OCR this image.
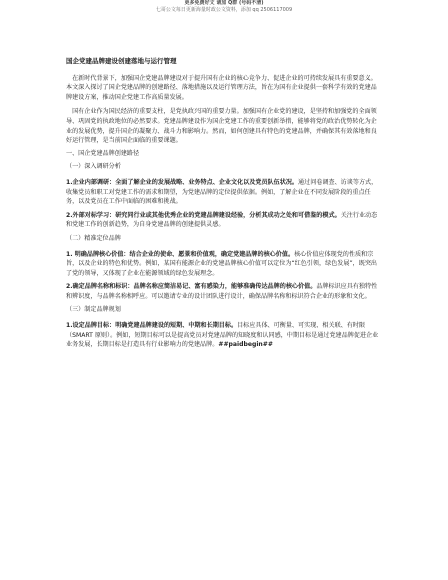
更多免费好文 请加 Q群 (号码不清)
七哥公文每日更新海量时政公文资料，添加 qq 2506117009
国企党建品牌建设创建落地与运行管理

在新时代背景下，加强国企党建品牌建设对于提升国有企业的核心竞争力、促进企业的可持续发展具有重要意义。本文深入探讨了国企党建品牌的创建路径、落地措施以及运行管理方法，旨在为国有企业提供一套科学有效的党建品牌建设方案，推动国企党建工作高质量发展。

国有企业作为国民经济的重要支柱，是党执政兴国的重要力量。加强国有企业党的建设，是坚持和加强党的全面领导、巩固党的执政地位的必然要求。党建品牌建设作为国企党建工作的重要创新举措，能够将党的政治优势转化为企业的发展优势，提升国企的凝聚力、战斗力和影响力。然而，如何创建具有特色的党建品牌，并确保其有效落地和良好运行管理，是当前国企面临的重要课题。

一、国企党建品牌创建路径
（一）深入调研分析

1.企业内部调研：全面了解企业的发展战略、业务特点、企业文化以及党员队伍状况。通过问卷调查、访谈等方式，收集党员和职工对党建工作的需求和期望，为党建品牌的定位提供依据。例如，了解企业在不同发展阶段的重点任务，以及党员在工作中面临的困难和挑战。

2.外部对标学习：研究同行业或其他优秀企业的党建品牌建设经验，分析其成功之处和可借鉴的模式。关注行业动态和党建工作的创新趋势，为自身党建品牌的创建提供灵感。

（二）精准定位品牌

1. 明确品牌核心价值：结合企业的使命、愿景和价值观，确定党建品牌的核心价值。核心价值应体现党的性质和宗旨，以及企业的特色和优势。例如，某国有能源企业的党建品牌核心价值可以定位为“红色引领，绿色发展”，既突出了党的领导，又体现了企业在能源领域的绿色发展理念。

2.确定品牌名称和标识：品牌名称应简洁易记、富有感染力，能够准确传达品牌的核心价值。品牌标识应具有独特性和辨识度，与品牌名称相呼应。可以邀请专业的设计团队进行设计，确保品牌名称和标识符合企业的形象和文化。

（三）制定品牌规划

1.设定品牌目标：明确党建品牌建设的短期、中期和长期目标。目标应具体、可衡量、可实现、相关联、有时限（SMART 原则）。例如，短期目标可以是提高党员对党建品牌的知晓度和认同感，中期目标是通过党建品牌促进企业业务发展，长期目标是打造具有行业影响力的党建品牌。##paidbegin##
